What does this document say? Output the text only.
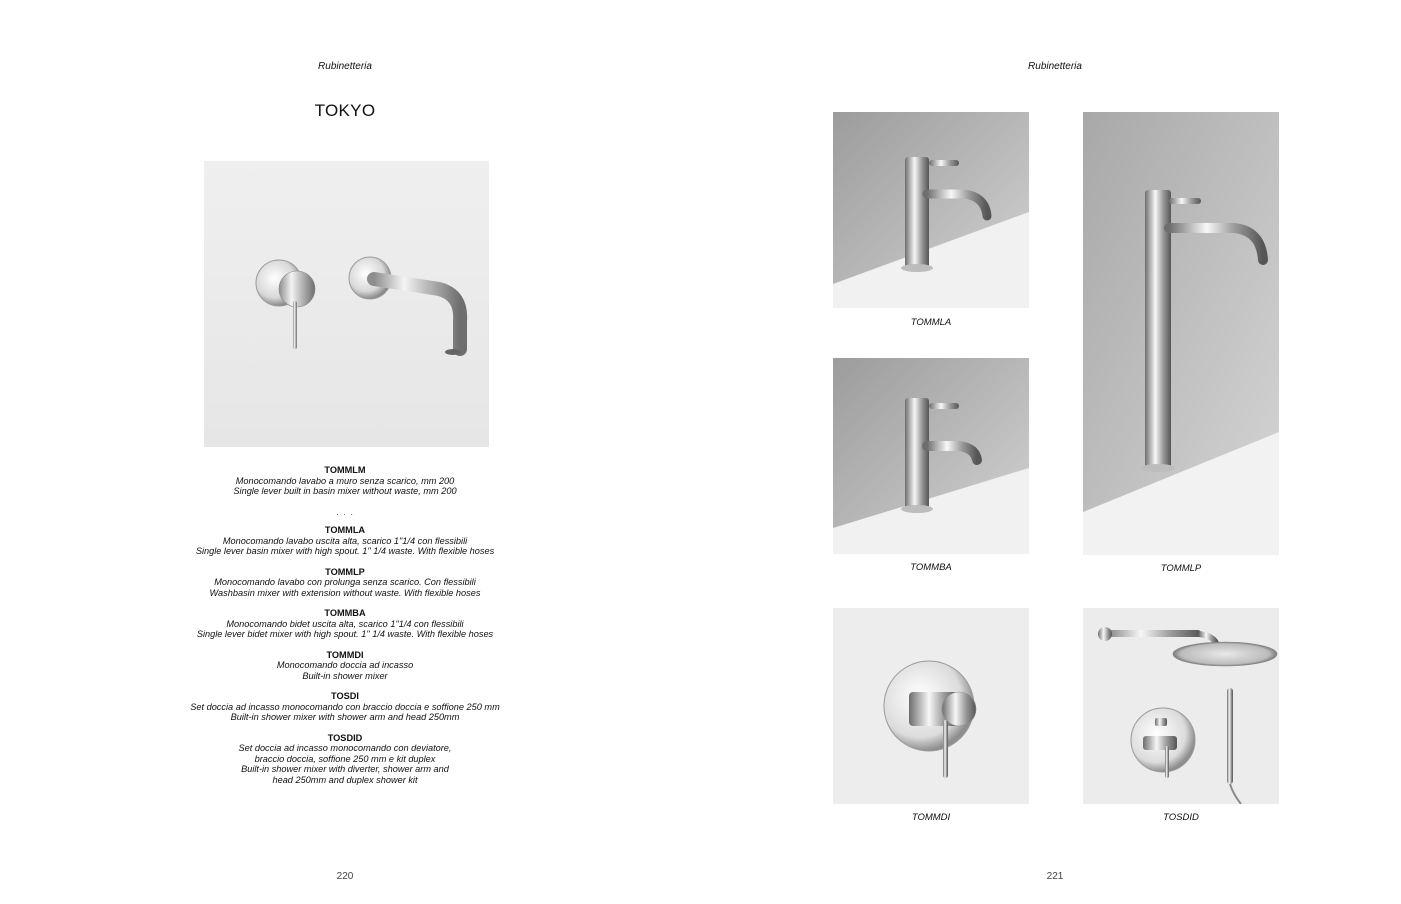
Rubinetteria
TOKYO
TOMMLM
Monocomando lavabo a muro senza scarico, mm 200
Single lever built in basin mixer without waste, mm 200
. . .
TOMMLA
Monocomando lavabo uscita alta, scarico 1"1/4 con flessibili
Single lever basin mixer with high spout. 1" 1/4 waste. With flexible hoses
TOMMLP
Monocomando lavabo con prolunga senza scarico. Con flessibili
Washbasin mixer with extension without waste. With flexible hoses
TOMMBA
Monocomando bidet uscita alta, scarico 1"1/4 con flessibili
Single lever bidet mixer with high spout. 1" 1/4 waste. With flexible hoses
TOMMDI
Monocomando doccia ad incasso
Built-in shower mixer
TOSDI
Set doccia ad incasso monocomando con braccio doccia e soffione 250 mm
Built-in shower mixer with shower arm and head 250mm
TOSDID
Set doccia ad incasso monocomando con deviatore,
braccio doccia, soffione 250 mm e kit duplex
Built-in shower mixer with diverter, shower arm and
head 250mm and duplex shower kit
220
Rubinetteria
TOMMLA
TOMMLP
TOMMBA
TOMMDI	TOSDID
221
